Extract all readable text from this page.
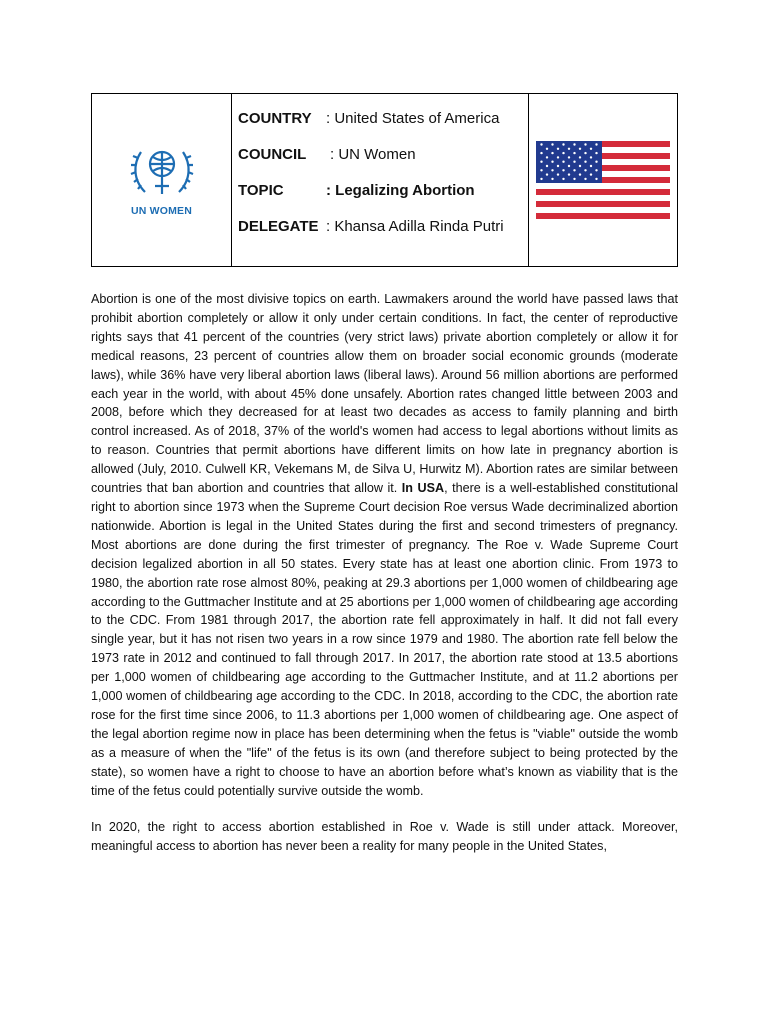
UN WOMEN
COUNTRY : United States of America
COUNCIL	: UN Women
TOPIC	: Legalizing Abortion
DELEGATE : Khansa Adilla Rinda Putri

Abortion is one of the most divisive topics on earth. Lawmakers around the world have passed laws that prohibit abortion completely or allow it only under certain conditions. In fact, the center of reproductive rights says that 41 percent of the countries (very strict laws) private abortion completely or allow it for medical reasons, 23 percent of countries allow them on broader social economic grounds (moderate laws), while 36% have very liberal abortion laws (liberal laws). Around 56 million abortions are performed each year in the world, with about 45% done unsafely. Abortion rates changed little between 2003 and 2008, before which they decreased for at least two decades as access to family planning and birth control increased. As of 2018, 37% of the world's women had access to legal abortions without limits as to reason. Countries that permit abortions have different limits on how late in pregnancy abortion is allowed (July, 2010. Culwell KR, Vekemans M, de Silva U, Hurwitz M). Abortion rates are similar between countries that ban abortion and countries that allow it. In USA, there is a well-established constitutional right to abortion since 1973 when the Supreme Court decision Roe versus Wade decriminalized abortion nationwide. Abortion is legal in the United States during the first and second trimesters of pregnancy. Most abortions are done during the first trimester of pregnancy. The Roe v. Wade Supreme Court decision legalized abortion in all 50 states. Every state has at least one abortion clinic. From 1973 to 1980, the abortion rate rose almost 80%, peaking at 29.3 abortions per 1,000 women of childbearing age according to the Guttmacher Institute and at 25 abortions per 1,000 women of childbearing age according to the CDC. From 1981 through 2017, the abortion rate fell approximately in half. It did not fall every single year, but it has not risen two years in a row since 1979 and 1980. The abortion rate fell below the 1973 rate in 2012 and continued to fall through 2017. In 2017, the abortion rate stood at 13.5 abortions per 1,000 women of childbearing age according to the Guttmacher Institute, and at 11.2 abortions per 1,000 women of childbearing age according to the CDC. In 2018, according to the CDC, the abortion rate rose for the first time since 2006, to 11.3 abortions per 1,000 women of childbearing age. One aspect of the legal abortion regime now in place has been determining when the fetus is "viable" outside the womb as a measure of when the "life" of the fetus is its own (and therefore subject to being protected by the state), so women have a right to choose to have an abortion before what’s known as viability that is the time of the fetus could potentially survive outside the womb.

In 2020, the right to access abortion established in Roe v. Wade is still under attack. Moreover, meaningful access to abortion has never been a reality for many people in the United States,
